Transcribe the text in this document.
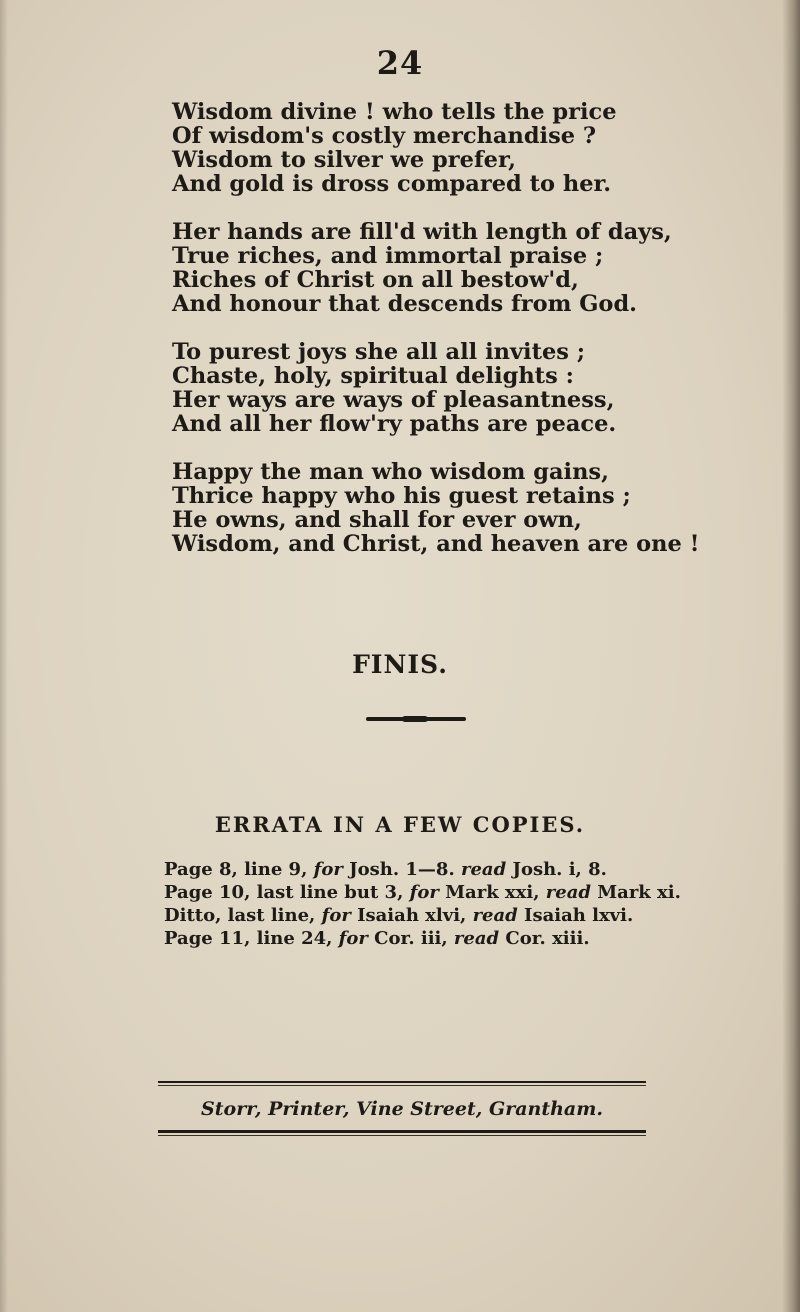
24
Wisdom divine ! who tells the price
Of wisdom's costly merchandise ?
Wisdom to silver we prefer,
And gold is dross compared to her.
Her hands are fill'd with length of days,
True riches, and immortal praise ;
Riches of Christ on all bestow'd,
And honour that descends from God.
To purest joys she all all invites ;
Chaste, holy, spiritual delights :
Her ways are ways of pleasantness,
And all her flow'ry paths are peace.
Happy the man who wisdom gains,
Thrice happy who his guest retains ;
He owns, and shall for ever own,
Wisdom, and Christ, and heaven are one !
FINIS.
ERRATA IN A FEW COPIES.
Page 8, line 9, for Josh. 1—8. read Josh. i, 8.
Page 10, last line but 3, for Mark xxi, read Mark xi.
Ditto, last line, for Isaiah xlvi, read Isaiah lxvi.
Page 11, line 24, for Cor. iii, read Cor. xiii.
Storr, Printer, Vine Street, Grantham.
